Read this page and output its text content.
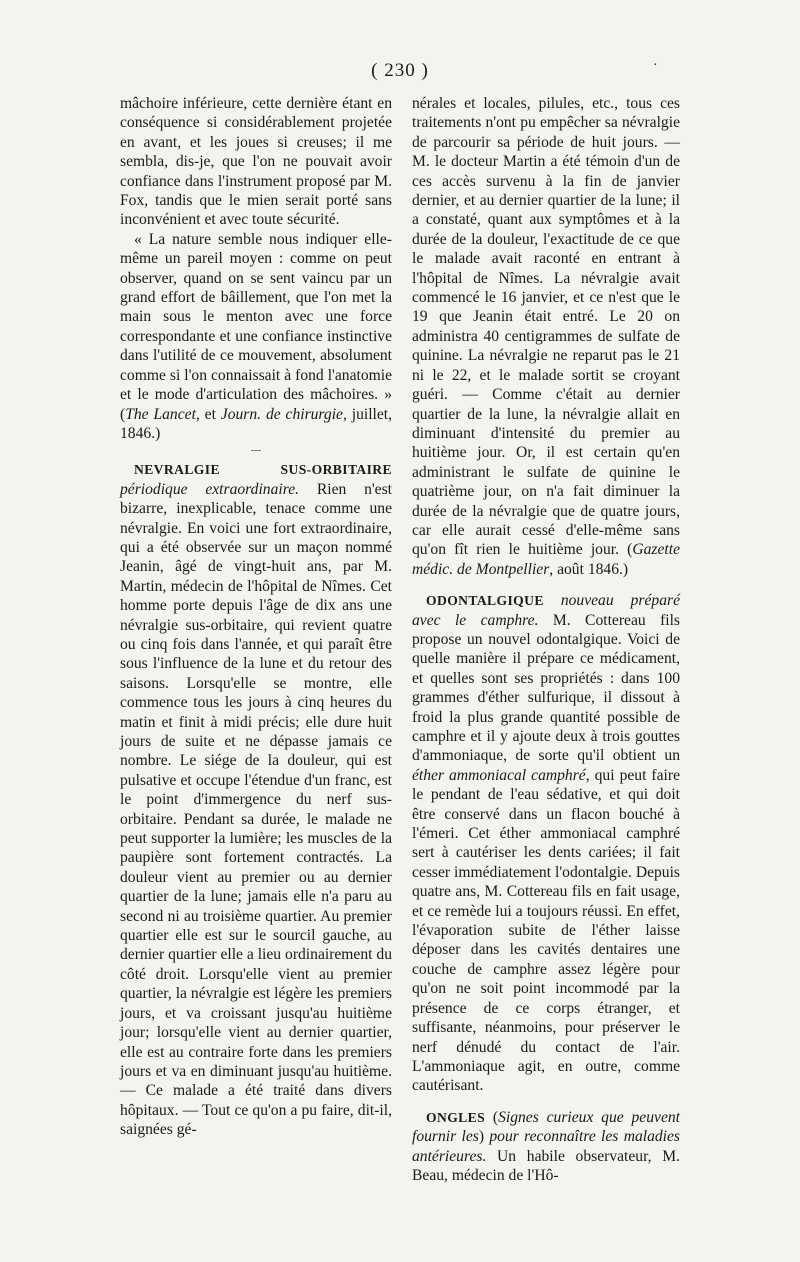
( 230 )	·

mâchoire inférieure, cette dernière étant en conséquence si considérablement projetée en avant, et les joues si creuses; il me sembla, dis-je, que l'on ne pouvait avoir confiance dans l'instrument proposé par M. Fox, tandis que le mien serait porté sans inconvénient et avec toute sécurité.

« La nature semble nous indiquer elle-même un pareil moyen : comme on peut observer, quand on se sent vaincu par un grand effort de bâillement, que l'on met la main sous le menton avec une force correspondante et une confiance instinctive dans l'utilité de ce mouvement, absolument comme si l'on connaissait à fond l'anatomie et le mode d'articulation des mâchoires. » (The Lancet, et Journ. de chirurgie, juillet, 1846.)

---

NEVRALGIE SUS-ORBITAIRE périodique extraordinaire. Rien n'est bizarre, inexplicable, tenace comme une névralgie. En voici une fort extraordinaire, qui a été observée sur un maçon nommé Jeanin, âgé de vingt-huit ans, par M. Martin, médecin de l'hôpital de Nîmes. Cet homme porte depuis l'âge de dix ans une névralgie sus-orbitaire, qui revient quatre ou cinq fois dans l'année, et qui paraît être sous l'influence de la lune et du retour des saisons. Lorsqu'elle se montre, elle commence tous les jours à cinq heures du matin et finit à midi précis; elle dure huit jours de suite et ne dépasse jamais ce nombre. Le siége de la douleur, qui est pulsative et occupe l'étendue d'un franc, est le point d'immergence du nerf sus-orbitaire. Pendant sa durée, le malade ne peut supporter la lumière; les muscles de la paupière sont fortement contractés. La douleur vient au premier ou au dernier quartier de la lune; jamais elle n'a paru au second ni au troisième quartier. Au premier quartier elle est sur le sourcil gauche, au dernier quartier elle a lieu ordinairement du côté droit. Lorsqu'elle vient au premier quartier, la névralgie est légère les premiers jours, et va croissant jusqu'au huitième jour; lorsqu'elle vient au dernier quartier, elle est au contraire forte dans les premiers jours et va en diminuant jusqu'au huitième. — Ce malade a été traité dans divers hôpitaux. — Tout ce qu'on a pu faire, dit-il, saignées gé-

nérales et locales, pilules, etc., tous ces traitements n'ont pu empêcher sa névralgie de parcourir sa période de huit jours. — M. le docteur Martin a été témoin d'un de ces accès survenu à la fin de janvier dernier, et au dernier quartier de la lune; il a constaté, quant aux symptômes et à la durée de la douleur, l'exactitude de ce que le malade avait raconté en entrant à l'hôpital de Nîmes. La névralgie avait commencé le 16 janvier, et ce n'est que le 19 que Jeanin était entré. Le 20 on administra 40 centigrammes de sulfate de quinine. La névralgie ne reparut pas le 21 ni le 22, et le malade sortit se croyant guéri. — Comme c'était au dernier quartier de la lune, la névralgie allait en diminuant d'intensité du premier au huitième jour. Or, il est certain qu'en administrant le sulfate de quinine le quatrième jour, on n'a fait diminuer la durée de la névralgie que de quatre jours, car elle aurait cessé d'elle-même sans qu'on fît rien le huitième jour. (Gazette médic. de Montpellier, août 1846.)

ODONTALGIQUE nouveau préparé avec le camphre. M. Cottereau fils propose un nouvel odontalgique. Voici de quelle manière il prépare ce médicament, et quelles sont ses propriétés : dans 100 grammes d'éther sulfurique, il dissout à froid la plus grande quantité possible de camphre et il y ajoute deux à trois gouttes d'ammoniaque, de sorte qu'il obtient un éther ammoniacal camphré, qui peut faire le pendant de l'eau sédative, et qui doit être conservé dans un flacon bouché à l'émeri. Cet éther ammoniacal camphré sert à cautériser les dents cariées; il fait cesser immédiatement l'odontalgie. Depuis quatre ans, M. Cottereau fils en fait usage, et ce remède lui a toujours réussi. En effet, l'évaporation subite de l'éther laisse déposer dans les cavités dentaires une couche de camphre assez légère pour qu'on ne soit point incommodé par la présence de ce corps étranger, et suffisante, néanmoins, pour préserver le nerf dénudé du contact de l'air. L'ammoniaque agit, en outre, comme cautérisant.

ONGLES (Signes curieux que peuvent fournir les) pour reconnaître les maladies antérieures. Un habile observateur, M. Beau, médecin de l'Hô-
